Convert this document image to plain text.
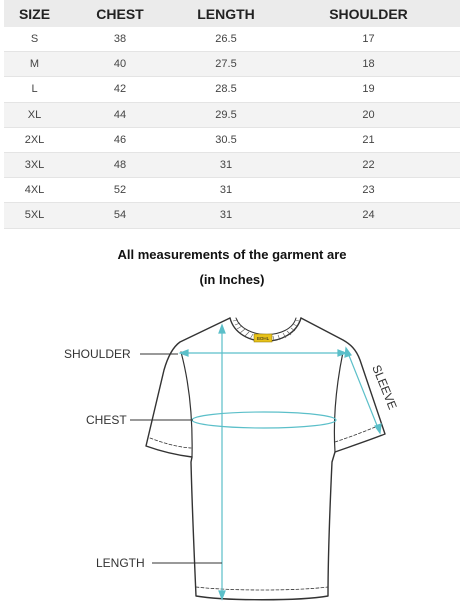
SIZE	CHEST	LENGTH	SHOULDER
S	38	26.5	17
M	40	27.5	18
L	42	28.5	19
XL	44	29.5	20
2XL	46	30.5	21
3XL	48	31	22
4XL	52	31	23
5XL	54	31	24
All measurements of the garment are
(in Inches)
BOHL
SHOULDER
CHEST
LENGTH
SLEEVE
